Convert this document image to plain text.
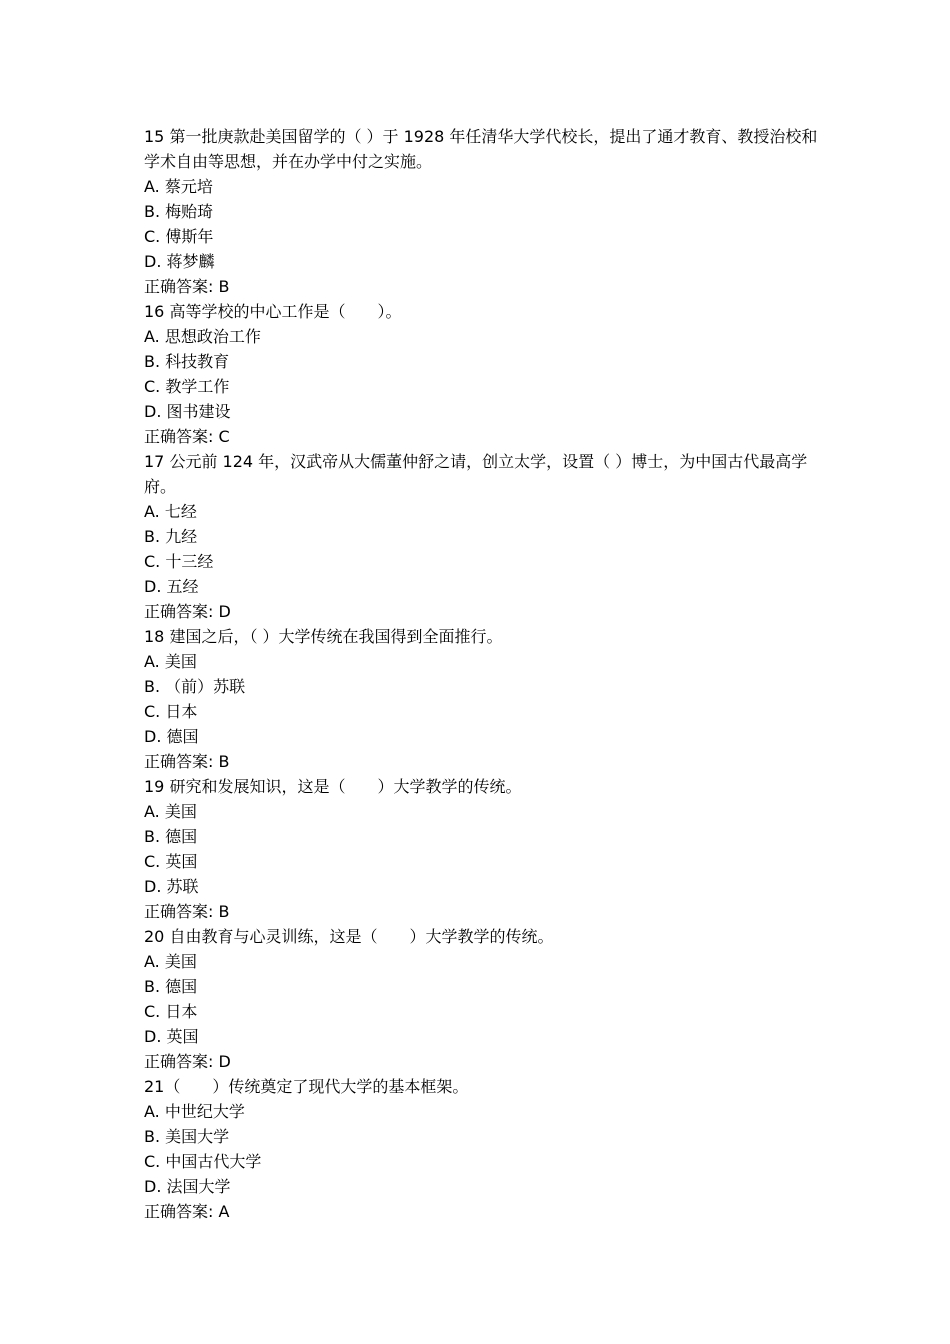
15 第一批庚款赴美国留学的（ ）于 1928 年任清华大学代校长，提出了通才教育、教授治校和学术自由等思想，并在办学中付之实施。

A. 蔡元培

B. 梅贻琦

C. 傅斯年

D. 蒋梦麟

正确答案: B

16 高等学校的中心工作是（　　）。

A. 思想政治工作

B. 科技教育

C. 教学工作

D. 图书建设

正确答案: C

17 公元前 124 年，汉武帝从大儒董仲舒之请，创立太学，设置（ ）博士，为中国古代最高学府。

A. 七经

B. 九经

C. 十三经

D. 五经

正确答案: D

18 建国之后，（ ）大学传统在我国得到全面推行。

A. 美国

B. （前）苏联

C. 日本

D. 德国

正确答案: B

19 研究和发展知识，这是（　　）大学教学的传统。

A. 美国

B. 德国

C. 英国

D. 苏联

正确答案: B

20 自由教育与心灵训练，这是（　　）大学教学的传统。

A. 美国

B. 德国

C. 日本

D. 英国

正确答案: D

21（　　）传统奠定了现代大学的基本框架。

A. 中世纪大学

B. 美国大学

C. 中国古代大学

D. 法国大学

正确答案: A
